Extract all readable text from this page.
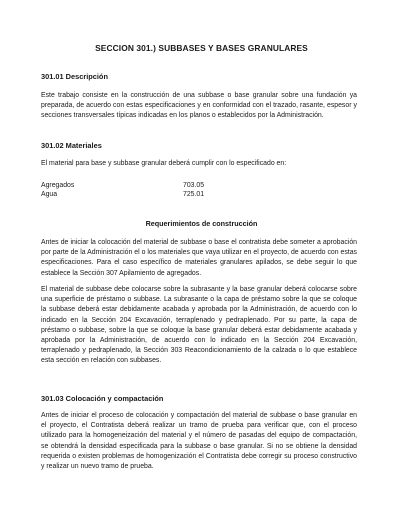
SECCION 301.) SUBBASES Y BASES GRANULARES
301.01 Descripción
Este trabajo consiste en la construcción de una subbase o base granular sobre una fundación ya preparada, de acuerdo con estas especificaciones y en conformidad con el trazado, rasante, espesor y secciones transversales típicas indicadas en los planos o establecidos por la Administración.
301.02 Materiales
El material para base y subbase granular deberá cumplir con lo especificado en:
Agregados	703.05
Agua	725.01
Requerimientos de construcción
Antes de iniciar la colocación del material de subbase o base el contratista debe someter a aprobación por parte de la Administración el o los materiales que vaya utilizar en el proyecto, de acuerdo con estas especificaciones. Para el caso específico de materiales granulares apilados, se debe seguir lo que establece la Sección 307 Apilamiento de agregados.
El material de subbase debe colocarse sobre la subrasante y la base granular deberá colocarse sobre una superficie de préstamo o subbase. La subrasante o la capa de préstamo sobre la que se coloque la subbase deberá estar debidamente acabada y aprobada por la Administración, de acuerdo con lo indicado en la Sección 204 Excavación, terraplenado y pedraplenado. Por su parte, la capa de préstamo o subbase, sobre la que se coloque la base granular deberá estar debidamente acabada y aprobada por la Administración, de acuerdo con lo indicado en la Sección 204 Excavación, terraplenado y pedraplenado, la Sección 303 Reacondicionamiento de la calzada o lo que establece esta sección en relación con subbases.
301.03 Colocación y compactación
Antes de iniciar el proceso de colocación y compactación del material de subbase o base granular en el proyecto, el Contratista deberá realizar un tramo de prueba para verificar que, con el proceso utilizado para la homogeneización del material y el número de pasadas del equipo de compactación, se obtendrá la densidad especificada para la subbase o base granular. Si no se obtiene la densidad requerida o existen problemas de homogenización el Contratista debe corregir su proceso constructivo y realizar un nuevo tramo de prueba.
